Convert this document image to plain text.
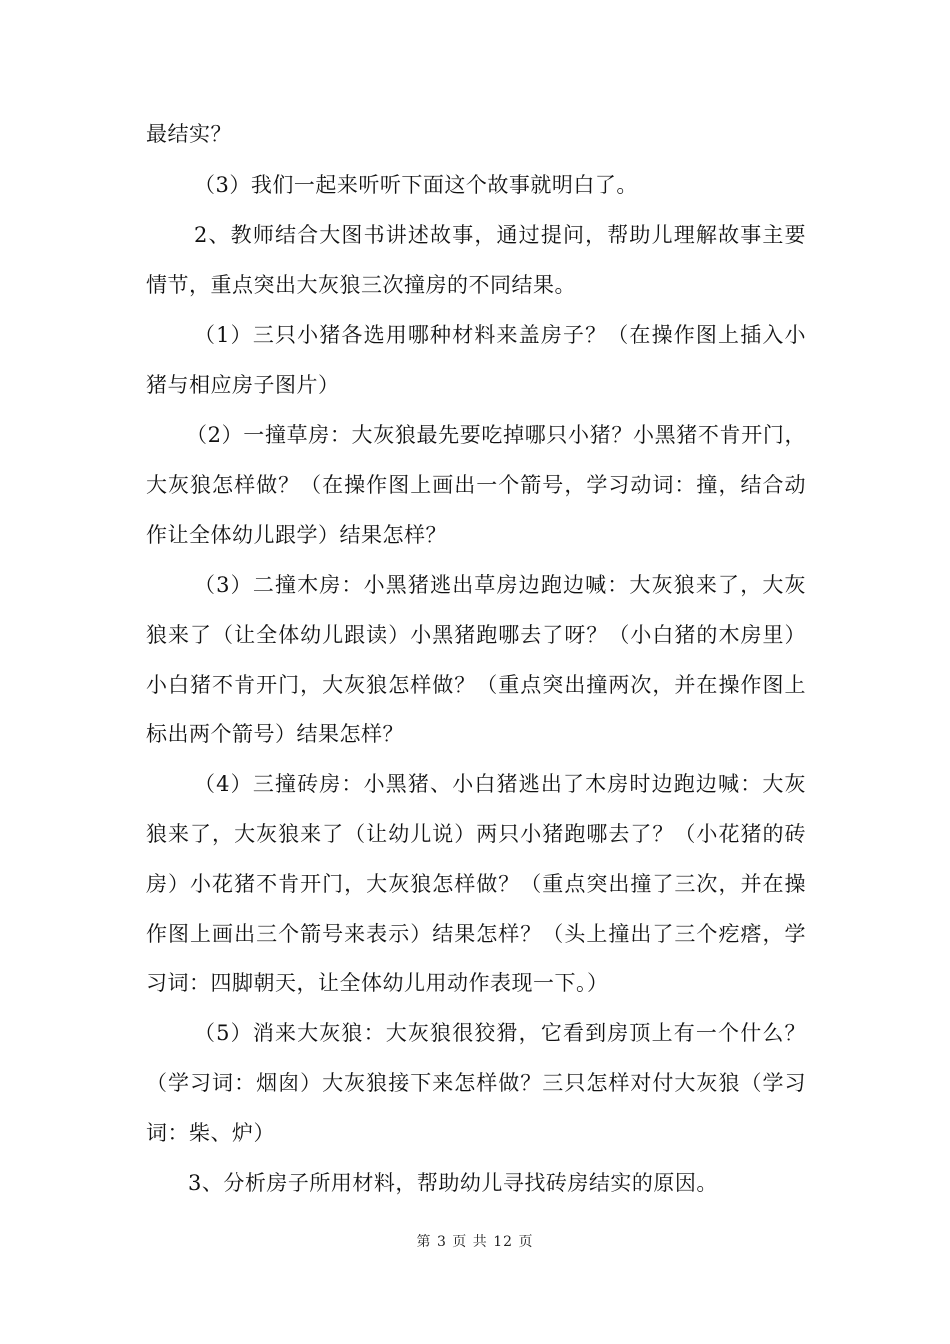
最结实？
（3）我们一起来听听下面这个故事就明白了。
2、教师结合大图书讲述故事，通过提问，帮助儿理解故事主要
情节，重点突出大灰狼三次撞房的不同结果。
（1）三只小猪各选用哪种材料来盖房子？（在操作图上插入小
猪与相应房子图片）
（2）一撞草房：大灰狼最先要吃掉哪只小猪？小黑猪不肯开门，
大灰狼怎样做？（在操作图上画出一个箭号，学习动词：撞，结合动
作让全体幼儿跟学）结果怎样？
（3）二撞木房：小黑猪逃出草房边跑边喊：大灰狼来了，大灰
狼来了（让全体幼儿跟读）小黑猪跑哪去了呀？（小白猪的木房里）
小白猪不肯开门，大灰狼怎样做？（重点突出撞两次，并在操作图上
标出两个箭号）结果怎样？
（4）三撞砖房：小黑猪、小白猪逃出了木房时边跑边喊：大灰
狼来了，大灰狼来了（让幼儿说）两只小猪跑哪去了？（小花猪的砖
房）小花猪不肯开门，大灰狼怎样做？（重点突出撞了三次，并在操
作图上画出三个箭号来表示）结果怎样？（头上撞出了三个疙瘩，学
习词：四脚朝天，让全体幼儿用动作表现一下。）
（5）消来大灰狼：大灰狼很狡猾，它看到房顶上有一个什么？
（学习词：烟囱）大灰狼接下来怎样做？三只怎样对付大灰狼（学习
词：柴、炉）
3、分析房子所用材料，帮助幼儿寻找砖房结实的原因。
第 3 页 共 12 页
